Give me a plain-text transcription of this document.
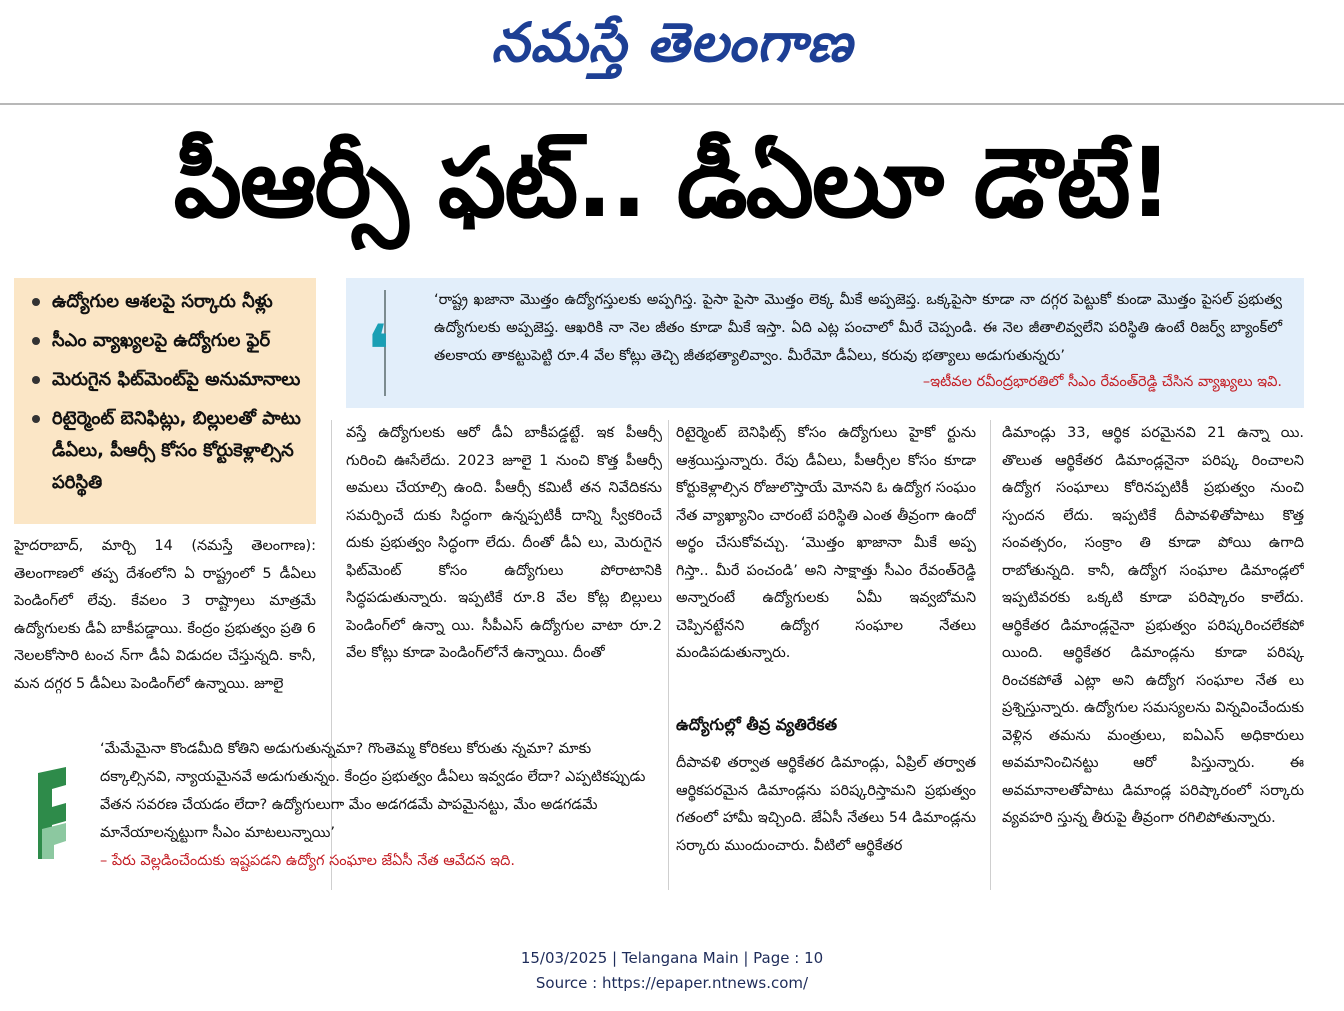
నమస్తే తెలంగాణ
పీఆర్సీ ఫట్.. డీఏలూ డౌటే!
ఉద్యోగుల ఆశలపై సర్కారు నీళ్లు
సీఎం వ్యాఖ్యలపై ఉద్యోగుల ఫైర్
మెరుగైన ఫిట్‌మెంట్‌పై అనుమానాలు
రిటైర్మెంట్ బెనిఫిట్లు, బిల్లులతో పాటు డీఏలు, పీఆర్సీ కోసం కోర్టుకెళ్లాల్సిన పరిస్థితి
❛

‘రాష్ట్ర ఖజానా మొత్తం ఉద్యోగస్తులకు అప్పగిస్త. పైసా పైసా మొత్తం లెక్క మీకే అప్పజెప్త. ఒక్కపైసా కూడా నా దగ్గర పెట్టుకో కుండా మొత్తం పైసల్ ప్రభుత్వ ఉద్యోగులకు అప్పజెప్త. ఆఖరికి నా నెల జీతం కూడా మీకే ఇస్తా. ఏది ఎట్ల పంచాలో మీరే చెప్పండి. ఈ నెల జీతాలివ్వలేని పరిస్థితి ఉంటే రిజర్వ్ బ్యాంక్‌లో తలకాయ తాకట్టుపెట్టి రూ.4 వేల కోట్లు తెచ్చి జీతభత్యాలివ్వాం. మీరేమో డీఏలు, కరువు భత్యాలు అడుగుతున్నరు’

–ఇటీవల రవీంద్రభారతిలో సీఎం రేవంత్‌రెడ్డి చేసిన వ్యాఖ్యలు ఇవి.

హైదరాబాద్, మార్చి 14 (నమస్తే తెలంగాణ): తెలంగాణలో తప్ప దేశంలోని ఏ రాష్ట్రంలో 5 డీఏలు పెండింగ్‌లో లేవు. కేవలం 3 రాష్ట్రాలు మాత్రమే ఉద్యోగులకు డీఏ బాకీపడ్డాయి. కేంద్రం ప్రభుత్వం ప్రతి 6 నెలలకోసారి టంచ న్‌గా డీఏ విడుదల చేస్తున్నది. కానీ, మన దగ్గర 5 డీఏలు పెండింగ్‌లో ఉన్నాయి. జూలై

వస్తే ఉద్యోగులకు ఆరో డీఏ బాకీపడ్డట్టే. ఇక పీఆర్సీ గురించి ఊసేలేదు. 2023 జూలై 1 నుంచి కొత్త పీఆర్సీ అమలు చేయాల్సి ఉంది. పీఆర్సీ కమిటీ తన నివేదికను సమర్పించే దుకు సిద్ధంగా ఉన్నప్పటికీ దాన్ని స్వీకరించే దుకు ప్రభుత్వం సిద్ధంగా లేదు. దీంతో డీఏ లు, మెరుగైన ఫిట్‌మెంట్ కోసం ఉద్యోగులు పోరాటానికి సిద్ధపడుతున్నారు. ఇప్పటికే రూ.8 వేల కోట్ల బిల్లులు పెండింగ్‌లో ఉన్నా యి. సీపీఎస్ ఉద్యోగుల వాటా రూ.2 వేల కోట్లు కూడా పెండింగ్‌లోనే ఉన్నాయి. దీంతో

రిటైర్మెంట్ బెనిఫిట్స్ కోసం ఉద్యోగులు హైకో ర్టును ఆశ్రయిస్తున్నారు. రేపు డీఏలు, పీఆర్సీల కోసం కూడా కోర్టుకెళ్లాల్సిన రోజులొస్తాయే మోనని ఓ ఉద్యోగ సంఘం నేత వ్యాఖ్యానిం చారంటే పరిస్థితి ఎంత తీవ్రంగా ఉందో అర్థం చేసుకోవచ్చు. ‘మొత్తం ఖాజానా మీకే అప్ప గిస్తా.. మీరే పంచండి’ అని సాక్షాత్తు సీఎం రేవంత్‌రెడ్డి అన్నారంటే ఉద్యోగులకు ఏమీ ఇవ్వబోమని చెప్పినట్టేనని ఉద్యోగ సంఘాల నేతలు మండిపడుతున్నారు.

ఉద్యోగుల్లో తీవ్ర వ్యతిరేకత

దీపావళి తర్వాత ఆర్థికేతర డిమాండ్లు, ఏప్రిల్ తర్వాత ఆర్థికపరమైన డిమాండ్లను పరిష్కరిస్తామని ప్రభుత్వం గతంలో హామీ ఇచ్చింది. జేఏసీ నేతలు 54 డిమాండ్లను సర్కారు ముందుంచారు. వీటిలో ఆర్థికేతర

డిమాండ్లు 33, ఆర్థిక పరమైనవి 21 ఉన్నా యి. తొలుత ఆర్థికేతర డిమాండ్లనైనా పరిష్క రించాలని ఉద్యోగ సంఘాలు కోరినప్పటికీ ప్రభుత్వం నుంచి స్పందన లేదు. ఇప్పటికే దీపావళితోపాటు కొత్త సంవత్సరం, సంక్రాం తి కూడా పోయి ఉగాది రాబోతున్నది. కానీ, ఉద్యోగ సంఘాల డిమాండ్లలో ఇప్పటివరకు ఒక్కటి కూడా పరిష్కారం కాలేదు. ఆర్థికేతర డిమాండ్లనైనా ప్రభుత్వం పరిష్కరించలేకపో యింది. ఆర్థికేతర డిమాండ్లను కూడా పరిష్క రించకపోతే ఎట్లా అని ఉద్యోగ సంఘాల నేత లు ప్రశ్నిస్తున్నారు. ఉద్యోగుల సమస్యలను విన్నవించేందుకు వెళ్లిన తమను మంత్రులు, ఐఏఎస్ అధికారులు అవమానించినట్టు ఆరో పిస్తున్నారు. ఈ అవమానాలతోపాటు డిమాండ్ల పరిష్కారంలో సర్కారు వ్యవహరి స్తున్న తీరుపై తీవ్రంగా రగిలిపోతున్నారు.

‘మేమేమైనా కొండమీది కోతిని అడుగుతున్నమా? గొంతెమ్మ కోరికలు కోరుతు న్నమా? మాకు దక్కాల్సినవి, న్యాయమైనవే అడుగుతున్నం. కేంద్రం ప్రభుత్వం డీఏలు ఇవ్వడం లేదా? ఎప్పటికప్పుడు వేతన సవరణ చేయడం లేదా? ఉద్యోగులుగా మేం అడగడమే పాపమైనట్టు, మేం అడగడమే మానేయాలన్నట్టుగా సీఎం మాటలున్నాయి’

– పేరు వెల్లడించేందుకు ఇష్టపడని ఉద్యోగ సంఘాల జేఏసీ నేత ఆవేదన ఇది.

15/03/2025 | Telangana Main | Page : 10
Source : https://epaper.ntnews.com/
